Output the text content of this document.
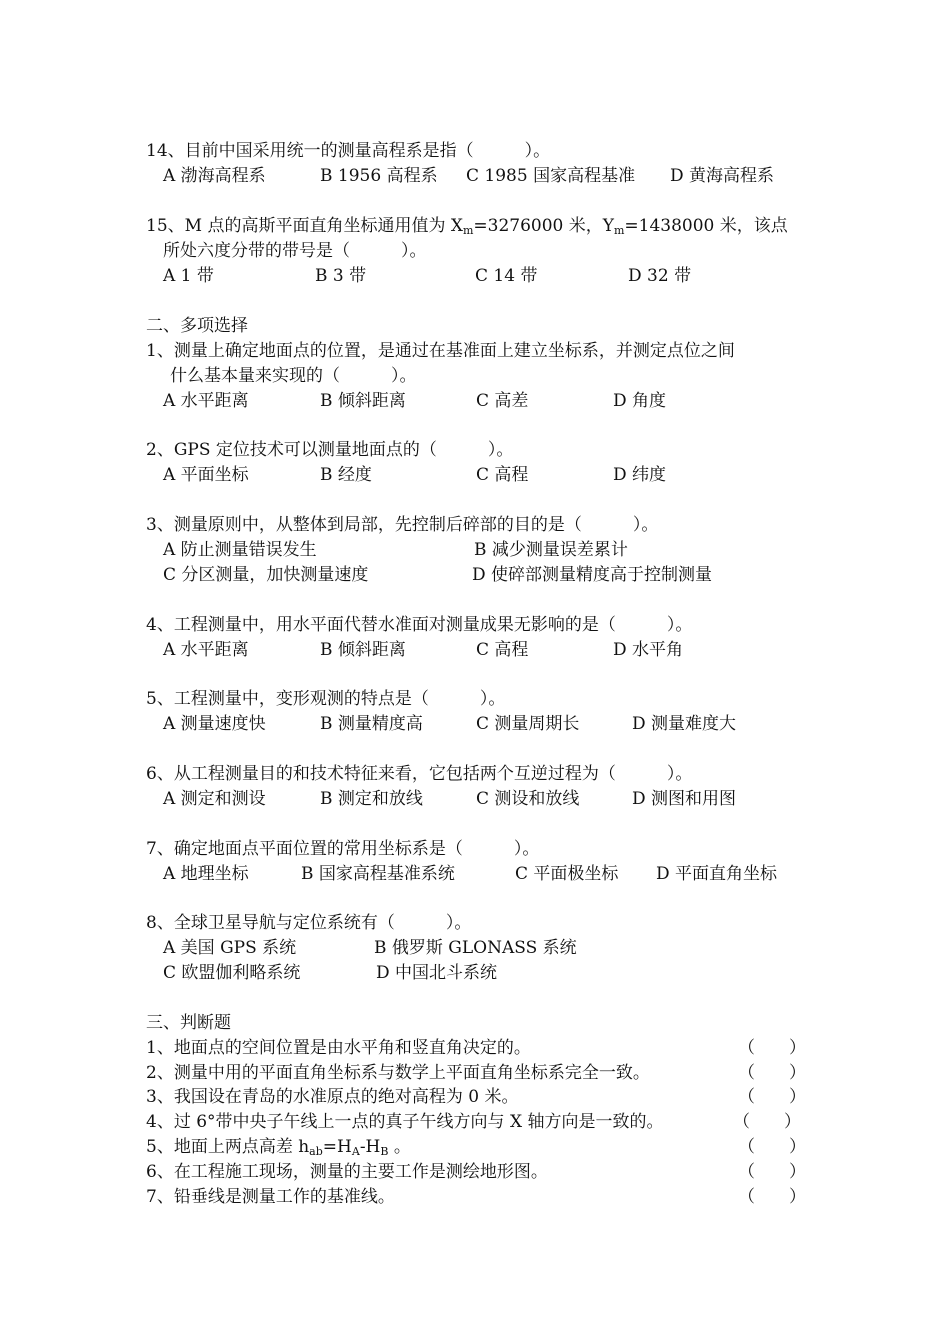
14、目前中国采用统一的测量高程系是指（　　　）。
A 渤海高程系	B 1956 高程系 C 1985 国家高程基准 D 黄海高程系
15、M 点的高斯平面直角坐标通用值为 $X_m=3276000$ 米，$Y_m=1438000$ 米，该点
所处六度分带的带号是（　　　）。
A 1 带	B 3 带	C 14 带	D 32 带
二、多项选择
1、测量上确定地面点的位置，是通过在基准面上建立坐标系，并测定点位之间
什么基本量来实现的（　　　）。
A 水平距离	B 倾斜距离	C 高差	D 角度
2、GPS 定位技术可以测量地面点的（　　　）。
A 平面坐标	B 经度	C 高程	D 纬度
3、测量原则中，从整体到局部，先控制后碎部的目的是（　　　）。
A 防止测量错误发生	B 减少测量误差累计
C 分区测量，加快测量速度	D 使碎部测量精度高于控制测量
4、工程测量中，用水平面代替水准面对测量成果无影响的是（　　　）。
A 水平距离	B 倾斜距离	C 高程	D 水平角
5、工程测量中，变形观测的特点是（　　　）。
A 测量速度快	B 测量精度高	C 测量周期长	D 测量难度大
6、从工程测量目的和技术特征来看，它包括两个互逆过程为（　　　）。
A 测定和测设	B 测定和放线	C 测设和放线	D 测图和用图
7、确定地面点平面位置的常用坐标系是（　　　）。
A 地理坐标	B 国家高程基准系统	C 平面极坐标 D 平面直角坐标
8、全球卫星导航与定位系统有（　　　）。
A 美国 GPS 系统	B 俄罗斯 GLONASS 系统
C 欧盟伽利略系统	D 中国北斗系统
三、判断题
1、地面点的空间位置是由水平角和竖直角决定的。	（　　）
2、测量中用的平面直角坐标系与数学上平面直角坐标系完全一致。	（　　）
3、我国设在青岛的水准原点的绝对高程为 0 米。	（　　）
4、过 6°带中央子午线上一点的真子午线方向与 X 轴方向是一致的。	（　　）
5、地面上两点高差 $h_{ab}=H_A-H_B$ 。	（　　）
6、在工程施工现场，测量的主要工作是测绘地形图。	（　　）
7、铅垂线是测量工作的基准线。	（　　）
